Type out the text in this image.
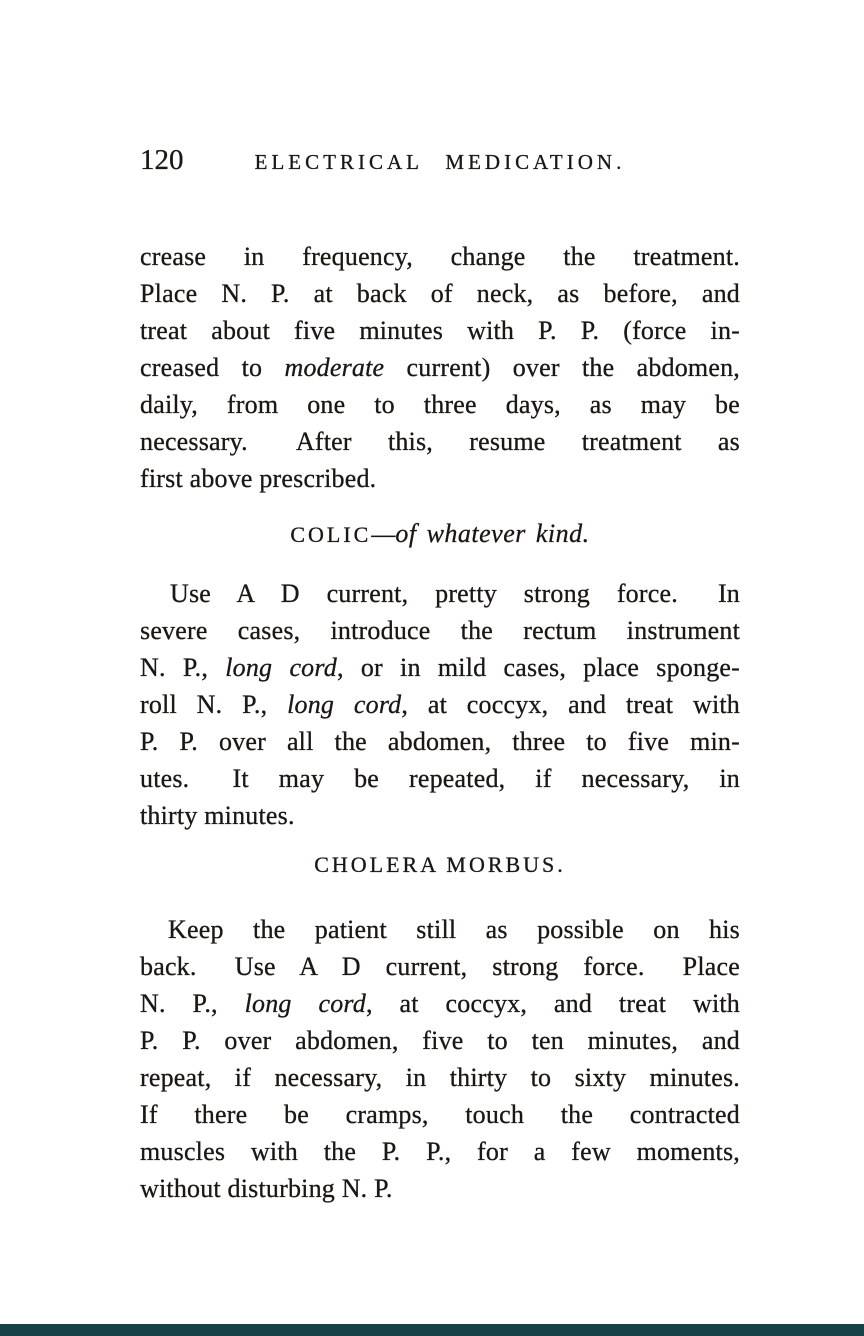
120	ELECTRICAL MEDICATION.
crease in frequency, change the treatment.
Place N. P. at back of neck, as before, and
treat about five minutes with P. P. (force in-
creased to moderate current) over the abdomen,
daily, from one to three days, as may be
necessary.  After this, resume treatment as
first above prescribed.
COLIC—of whatever kind.
Use A D current, pretty strong force.  In
severe cases, introduce the rectum instrument
N. P., long cord, or in mild cases, place sponge-
roll N. P., long cord, at coccyx, and treat with
P. P. over all the abdomen, three to five min-
utes.  It may be repeated, if necessary, in
thirty minutes.
CHOLERA MORBUS.
Keep the patient still as possible on his
back.  Use A D current, strong force.  Place
N. P., long cord, at coccyx, and treat with
P. P. over abdomen, five to ten minutes, and
repeat, if necessary, in thirty to sixty minutes.
If there be cramps, touch the contracted
muscles with the P. P., for a few moments,
without disturbing N. P.
